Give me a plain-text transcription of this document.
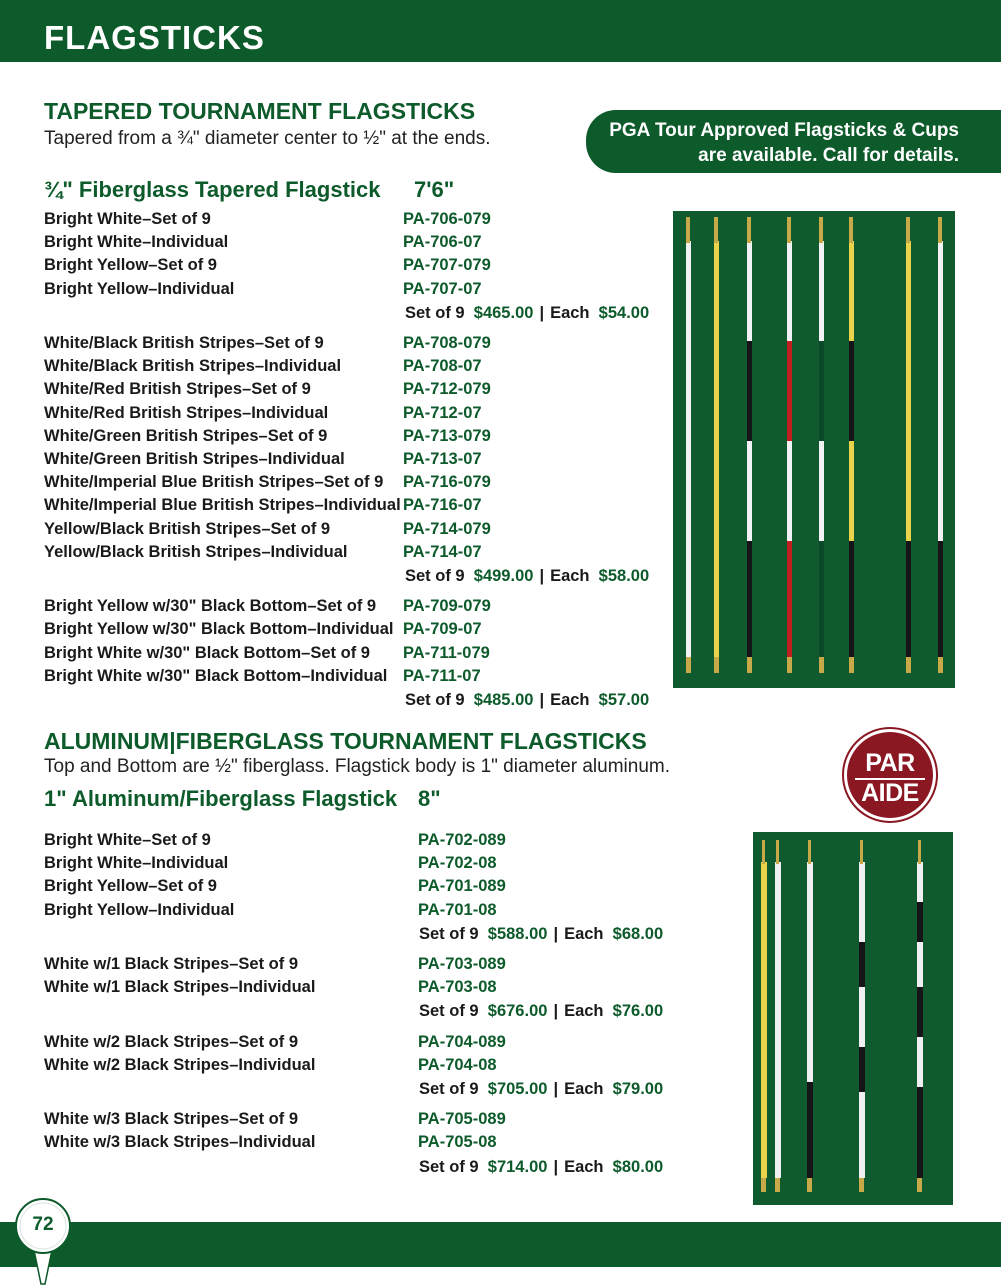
FLAGSTICKS
TAPERED TOURNAMENT FLAGSTICKS
Tapered from a ¾" diameter center to ½" at the ends.
¾" Fiberglass Tapered Flagstick 7'6"
Bright White–Set of 9	PA-706-079
Bright White–Individual	PA-706-07
Bright Yellow–Set of 9	PA-707-079
Bright Yellow–Individual	PA-707-07
Set of 9 $465.00 | Each $54.00
White/Black British Stripes–Set of 9	PA-708-079
White/Black British Stripes–Individual	PA-708-07
White/Red British Stripes–Set of 9	PA-712-079
White/Red British Stripes–Individual	PA-712-07
White/Green British Stripes–Set of 9	PA-713-079
White/Green British Stripes–Individual	PA-713-07
White/Imperial Blue British Stripes–Set of 9 PA-716-079
White/Imperial Blue British Stripes–Individual PA-716-07
Yellow/Black British Stripes–Set of 9	PA-714-079
Yellow/Black British Stripes–Individual	PA-714-07
Set of 9 $499.00 | Each $58.00
Bright Yellow w/30" Black Bottom–Set of 9 PA-709-079
Bright Yellow w/30" Black Bottom–Individual PA-709-07
Bright White w/30" Black Bottom–Set of 9 PA-711-079
Bright White w/30" Black Bottom–Individual PA-711-07
Set of 9 $485.00 | Each $57.00
PGA Tour Approved Flagsticks & Cups
are available. Call for details.
ALUMINUM|FIBERGLASS TOURNAMENT FLAGSTICKS
Top and Bottom are ½" fiberglass. Flagstick body is 1" diameter aluminum.
1" Aluminum/Fiberglass Flagstick 8"
Bright White–Set of 9	PA-702-089
Bright White–Individual	PA-702-08
Bright Yellow–Set of 9	PA-701-089
Bright Yellow–Individual	PA-701-08
Set of 9 $588.00 | Each $68.00
White w/1 Black Stripes–Set of 9	PA-703-089
White w/1 Black Stripes–Individual	PA-703-08
Set of 9 $676.00 | Each $76.00
White w/2 Black Stripes–Set of 9	PA-704-089
White w/2 Black Stripes–Individual	PA-704-08
Set of 9 $705.00 | Each $79.00
White w/3 Black Stripes–Set of 9	PA-705-089
White w/3 Black Stripes–Individual	PA-705-08
Set of 9 $714.00 | Each $80.00
PAR
AIDE
72
